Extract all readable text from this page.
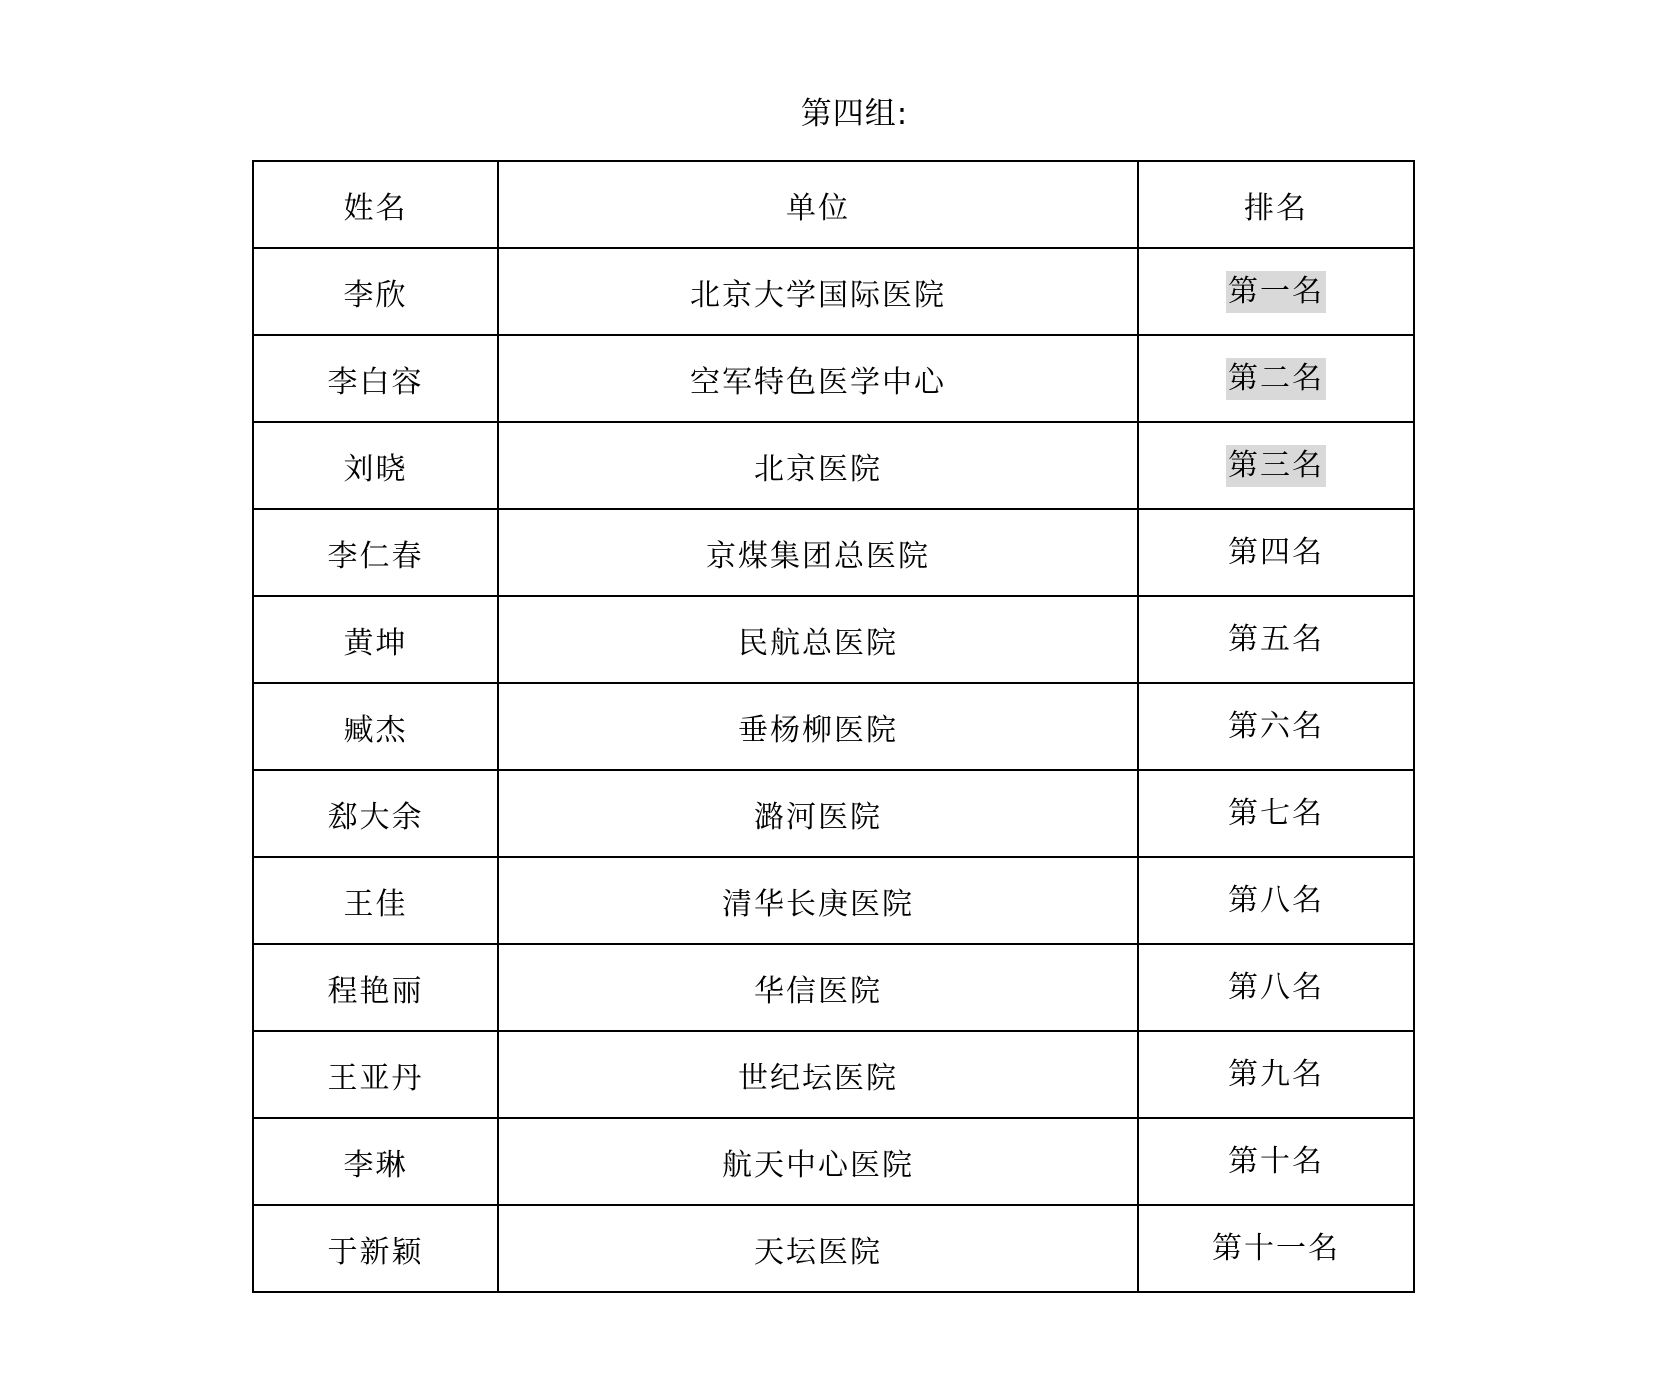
第四组:
姓名	单位	排名
李欣	北京大学国际医院	第一名
李白容	空军特色医学中心	第二名
刘晓	北京医院	第三名
李仁春	京煤集团总医院	第四名
黄坤	民航总医院	第五名
臧杰	垂杨柳医院	第六名
郄大余	潞河医院	第七名
王佳	清华长庚医院	第八名
程艳丽	华信医院	第八名
王亚丹	世纪坛医院	第九名
李琳	航天中心医院	第十名
于新颖	天坛医院	第十一名
